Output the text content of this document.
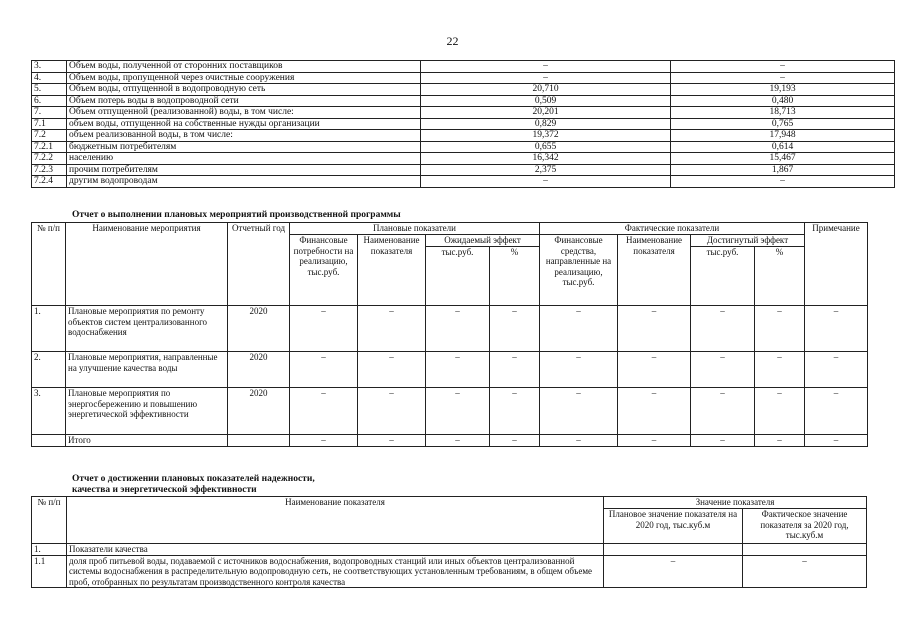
22
3.	Объем воды, полученной от сторонних поставщиков	–	–
4.	Объем воды, пропущенной через очистные сооружения	–	–
5.	Объем воды, отпущенной в водопроводную сеть	20,710	19,193
6.	Объем потерь воды в водопроводной сети	0,509	0,480
7.	Объем отпущенной (реализованной) воды, в том числе:	20,201	18,713
7.1	объем воды, отпущенной на собственные нужды организации	0,829	0,765
7.2	объем реализованной воды, в том числе:	19,372	17,948
7.2.1	бюджетным потребителям	0,655	0,614
7.2.2	населению	16,342	15,467
7.2.3	прочим потребителям	2,375	1,867
7.2.4	другим водопроводам	–	–
Отчет о выполнении плановых мероприятий производственной программы
№ п/п	Наименование мероприятия	Отчетный год	Плановые показатели				Фактические показатели				Примечание
			Финансовые потребности на реализацию, тыс.руб.	Наименование показателя	Ожидаемый эффект		Финансовые средства, направленные на реализацию, тыс.руб.	Наименование показателя	Достигнутый эффект		
					тыс.руб.	%			тыс.руб.	%	
1.	Плановые мероприятия по ремонту объектов систем централизованного водоснабжения	2020	–	–	–	–	–	–	–	–	–
2.	Плановые мероприятия, направленные на улучшение качества воды	2020	–	–	–	–	–	–	–	–	–
3.	Плановые мероприятия по энергосбережению и повышению энергетической эффективности	2020	–	–	–	–	–	–	–	–	–
	Итого		–	–	–	–	–	–	–	–	–
Отчет о достижении плановых показателей надежности,
качества и энергетической эффективности
№ п/п	Наименование показателя	Значение показателя	
		Плановое значение показателя на 2020 год, тыс.куб.м	Фактическое значение показателя за 2020 год, тыс.куб.м
1.	Показатели качества		
1.1	доля проб питьевой воды, подаваемой с источников водоснабжения, водопроводных станций или иных объектов централизованной системы водоснабжения в распределительную водопроводную сеть, не соответствующих установленным требованиям, в общем объеме проб, отобранных по результатам производственного контроля качества	–	–
